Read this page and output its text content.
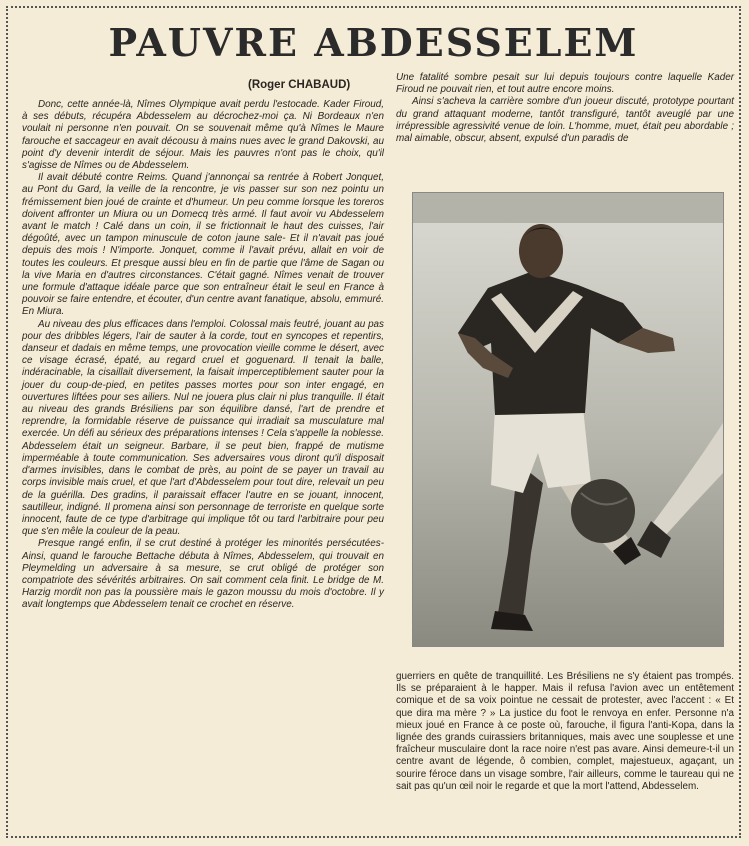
PAUVRE ABDESSELEM
(Roger CHABAUD)

Donc, cette année-là, Nîmes Olympique avait perdu l'estocade. Kader Firoud, à ses débuts, récupéra Abdesselem au décrochez-moi ça. Ni Bordeaux n'en voulait ni personne n'en pouvait. On se souvenait même qu'à Nîmes le Maure farouche et saccageur en avait décousu à mains nues avec le grand Dakovski, au point d'y devenir interdit de séjour. Mais les pauvres n'ont pas le choix, qu'il s'agisse de Nîmes ou de Abdesselem.

Il avait débuté contre Reims. Quand j'annonçai sa rentrée à Robert Jonquet, au Pont du Gard, la veille de la rencontre, je vis passer sur son nez pointu un frémissement bien joué de crainte et d'humeur. Un peu comme lorsque les toreros doivent affronter un Miura ou un Domecq très armé. Il faut avoir vu Abdesselem avant le match ! Calé dans un coin, il se frictionnait le haut des cuisses, l'air dégoûté, avec un tampon minuscule de coton jaune sale- Et il n'avait pas joué depuis des mois ! N'importe. Jonquet, comme il l'avait prévu, allait en voir de toutes les couleurs. Et presque aussi bleu en fin de partie que l'âme de Sagan ou la vive Maria en d'autres circonstances. C'était gagné. Nîmes venait de trouver une formule d'attaque idéale parce que son entraîneur était le seul en France à pouvoir se faire entendre, et écouter, d'un centre avant fanatique, absolu, emmuré. En Miura.

Au niveau des plus efficaces dans l'emploi. Colossal mais feutré, jouant au pas pour des dribbles légers, l'air de sauter à la corde, tout en syncopes et repentirs, danseur et dadais en même temps, une provocation vieille comme le désert, avec ce visage écrasé, épaté, au regard cruel et goguenard. Il tenait la balle, indéracinable, la cisaillait diversement, la faisait imperceptiblement sauter pour la jouer du coup-de-pied, en petites passes mortes pour son inter engagé, en ouvertures liftées pour ses ailiers. Nul ne jouera plus clair ni plus tranquille. Il était au niveau des grands Brésiliens par son équilibre dansé, l'art de prendre et reprendre, la formidable réserve de puissance qui irradiait sa musculature mal exercée. Un défi au sérieux des préparations intenses ! Cela s'appelle la noblesse. Abdesselem était un seigneur. Barbare, il se peut bien, frappé de mutisme imperméable à toute communication. Ses adversaires vous diront qu'il disposait d'armes invisibles, dans le combat de près, au point de se payer un travail au corps invisible mais cruel, et que l'art d'Abdesselem pour tout dire, relevait un peu de la guérilla. Des gradins, il paraissait effacer l'autre en se jouant, innocent, sautilleur, indigné. Il promena ainsi son personnage de terroriste en quelque sorte innocent, faute de ce type d'arbitrage qui implique tôt ou tard l'arbitraire pour peu que s'en mêle la couleur de la peau.

Presque rangé enfin, il se crut destiné à protéger les minorités persécutées- Ainsi, quand le farouche Bettache débuta à Nîmes, Abdesselem, qui trouvait en Pleymelding un adversaire à sa mesure, se crut obligé de protéger son compatriote des sévérités arbitraires. On sait comment cela finit. Le bridge de M. Harzig mordit non pas la poussière mais le gazon moussu du mois d'octobre. Il y avait longtemps que Abdesselem tenait ce crochet en réserve.

Une fatalité sombre pesait sur lui depuis toujours contre laquelle Kader Firoud ne pouvait rien, et tout autre encore moins.

Ainsi s'acheva la carrière sombre d'un joueur discuté, prototype pourtant du grand attaquant moderne, tantôt transfiguré, tantôt aveuglé par une irrépressible agressivité venue de loin. L'homme, muet, était peu abordable ; mal aimable, obscur, absent, expulsé d'un paradis de

guerriers en quête de tranquillité. Les Brésiliens ne s'y étaient pas trompés. Ils se préparaient à le happer. Mais il refusa l'avion avec un entêtement comique et de sa voix pointue ne cessait de protester, avec l'accent : « Et que dira ma mère ? » La justice du foot le renvoya en enfer. Personne n'a mieux joué en France à ce poste où, farouche, il figura l'anti-Kopa, dans la lignée des grands cuirassiers britanniques, mais avec une souplesse et une fraîcheur musculaire dont la race noire n'est pas avare. Ainsi demeure-t-il un centre avant de légende, ô combien, complet, majestueux, agaçant, un sourire féroce dans un visage sombre, l'air ailleurs, comme le taureau qui ne sait pas qu'un œil noir le regarde et que la mort l'attend, Abdesselem.
